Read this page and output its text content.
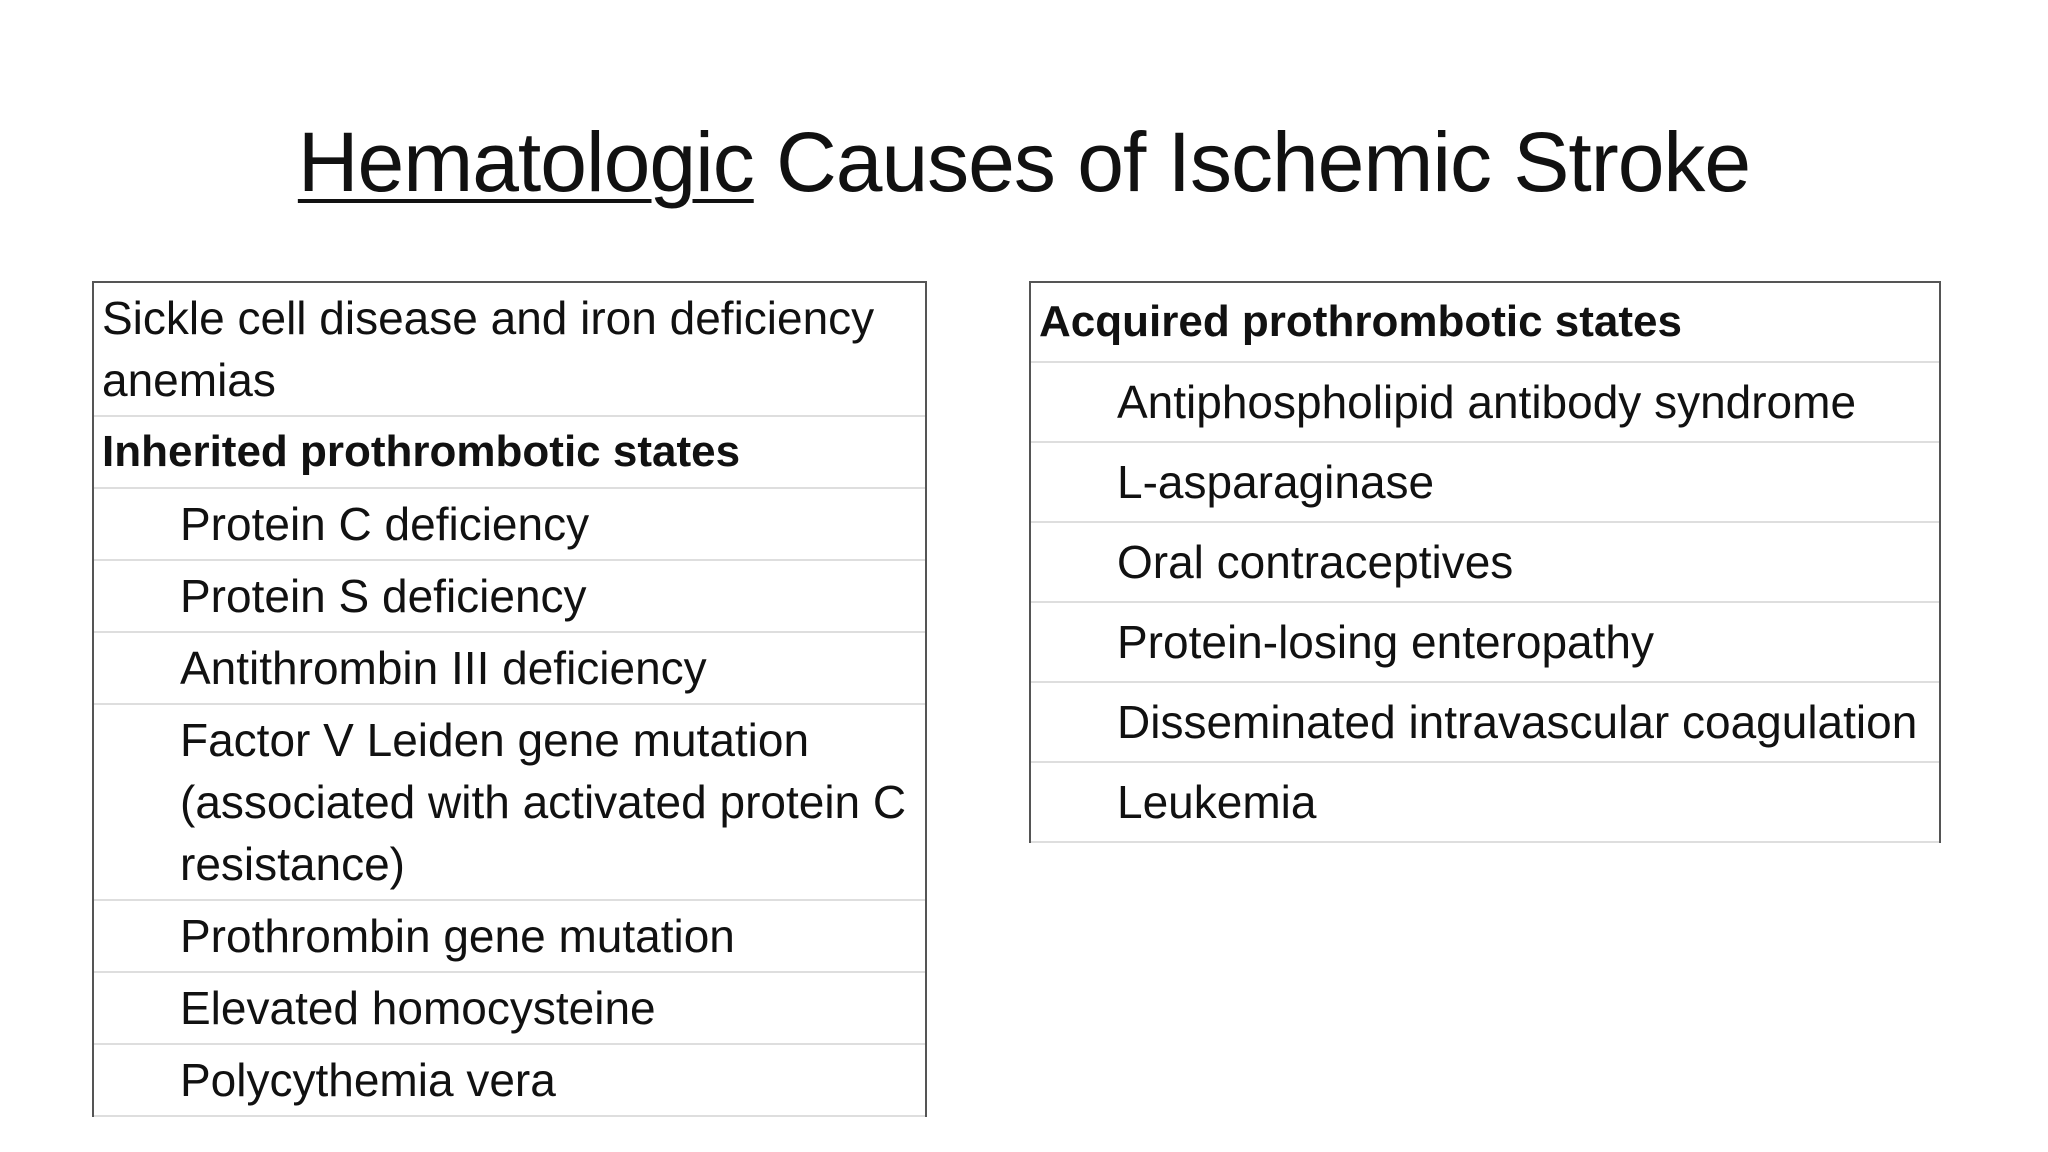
Hematologic Causes of Ischemic Stroke
Sickle cell disease and iron deficiency anemias
Inherited prothrombotic states
Protein C deficiency
Protein S deficiency
Antithrombin III deficiency
Factor V Leiden gene mutation (associated with activated protein C resistance)
Prothrombin gene mutation
Elevated homocysteine
Polycythemia vera
Acquired prothrombotic states
Antiphospholipid antibody syndrome
L-asparaginase
Oral contraceptives
Protein-losing enteropathy
Disseminated intravascular coagulation
Leukemia
